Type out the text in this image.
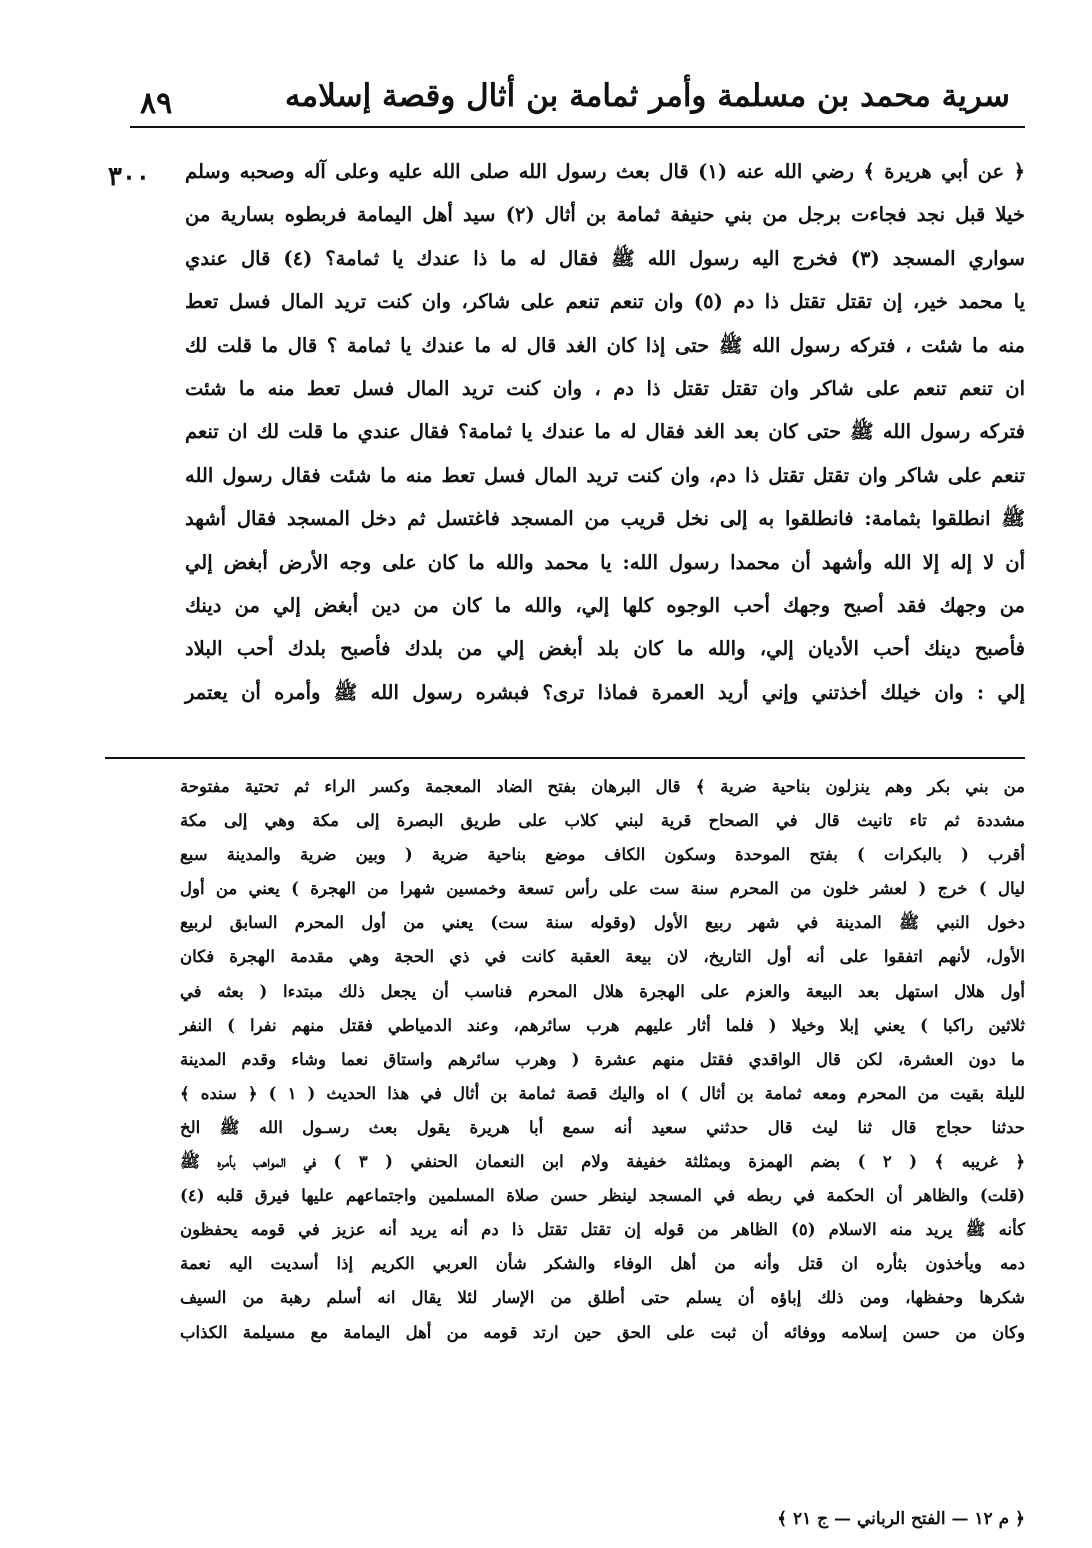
٨٩	سرية محمد بن مسلمة وأمر ثمامة بن أثال وقصة إسلامه
٣٠٠	﴿ عن أبي هريرة ﴾ رضي الله عنه (١) قال بعث رسول الله صلى الله عليه وعلى آله وصحبه وسلم
خيلا قبل نجد فجاءت برجل من بني حنيفة ثمامة بن أثال (٢) سيد أهل اليمامة فربطوه بسارية من
سواري المسجد (٣) فخرج اليه رسول الله ﷺ فقال له ما ذا عندك يا ثمامة؟ (٤) قال عندي
يا محمد خير، إن تقتل تقتل ذا دم (٥) وان تنعم تنعم على شاكر، وان كنت تريد المال فسل تعط
منه ما شئت ، فتركه رسول الله ﷺ حتى إذا كان الغد قال له ما عندك يا ثمامة ؟ قال ما قلت لك
ان تنعم تنعم على شاكر وان تقتل تقتل ذا دم ، وان كنت تريد المال فسل تعط منه ما شئت
فتركه رسول الله ﷺ حتى كان بعد الغد فقال له ما عندك يا ثمامة؟ فقال عندي ما قلت لك ان تنعم
تنعم على شاكر وان تقتل تقتل ذا دم، وان كنت تريد المال فسل تعط منه ما شئت فقال رسول الله
ﷺ انطلقوا بثمامة: فانطلقوا به إلى نخل قريب من المسجد فاغتسل ثم دخل المسجد فقال أشهد
أن لا إله إلا الله وأشهد أن محمدا رسول الله: يا محمد والله ما كان على وجه الأرض أبغض إلي
من وجهك فقد أصبح وجهك أحب الوجوه كلها إلي، والله ما كان من دين أبغض إلي من دينك
فأصبح دينك أحب الأديان إلي، والله ما كان بلد أبغض إلي من بلدك فأصبح بلدك أحب البلاد
إلي : وان خيلك أخذتني وإني أريد العمرة فماذا ترى؟ فبشره رسول الله ﷺ وأمره أن يعتمر
من بني بكر وهم ينزلون بناحية ضرية ﴾ قال البرهان بفتح الضاد المعجمة وكسر الراء ثم تحتية مفتوحة
مشددة ثم تاء تانيث قال في الصحاح قرية لبني كلاب على طريق البصرة إلى مكة وهي إلى مكة
أقرب ( بالبكرات ) بفتح الموحدة وسكون الكاف موضع بناحية ضرية ( وبين ضرية والمدينة سبع
ليال ) خرج ( لعشر خلون من المحرم سنة ست على رأس تسعة وخمسين شهرا من الهجرة ) يعني من أول
دخول النبي ﷺ المدينة في شهر ربيع الأول (وقوله سنة ست) يعني من أول المحرم السابق لربيع
الأول، لأنهم اتفقوا على أنه أول التاريخ، لان بيعة العقبة كانت في ذي الحجة وهي مقدمة الهجرة فكان
أول هلال استهل بعد البيعة والعزم على الهجرة هلال المحرم فناسب أن يجعل ذلك مبتدءا ( بعثه في
ثلاثين راكبا ) يعني إبلا وخيلا ( فلما أثار عليهم هرب سائرهم، وعند الدمياطي فقتل منهم نفرا ) النفر
ما دون العشرة، لكن قال الواقدي فقتل منهم عشرة ( وهرب سائرهم واستاق نعما وشاء وقدم المدينة
لليلة بقيت من المحرم ومعه ثمامة بن أثال ) اه واليك قصة ثمامة بن أثال في هذا الحديث ( ١ ) ﴿ سنده ﴾
حدثنا حجاج قال ثنا ليث قال حدثني سعيد أنه سمع أبا هريرة يقول بعث رسـول الله ﷺ الخ
﴿ غريبه ﴾ ( ٢ ) بضم الهمزة وبمثلثة خفيفة ولام ابن النعمان الحنفي ( ٣ ) في المواهب بأمره ﷺ
(قلت) والظاهر أن الحكمة في ربطه في المسجد لينظر حسن صلاة المسلمين واجتماعهم عليها فيرق قلبه (٤)
كأنه ﷺ يريد منه الاسلام (٥) الظاهر من قوله إن تقتل تقتل ذا دم أنه يريد أنه عزيز في قومه يحفظون
دمه ويأخذون بثأره ان قتل وأنه من أهل الوفاء والشكر شأن العربي الكريم إذا أسديت اليه نعمة
شكرها وحفظها، ومن ذلك إباؤه أن يسلم حتى أطلق من الإسار لئلا يقال انه أسلم رهبة من السيف
وكان من حسن إسلامه ووفائه أن ثبت على الحق حين ارتد قومه من أهل اليمامة مع مسيلمة الكذاب
﴿ م ١٢ — الفتح الرباني — ج ٢١ ﴾
